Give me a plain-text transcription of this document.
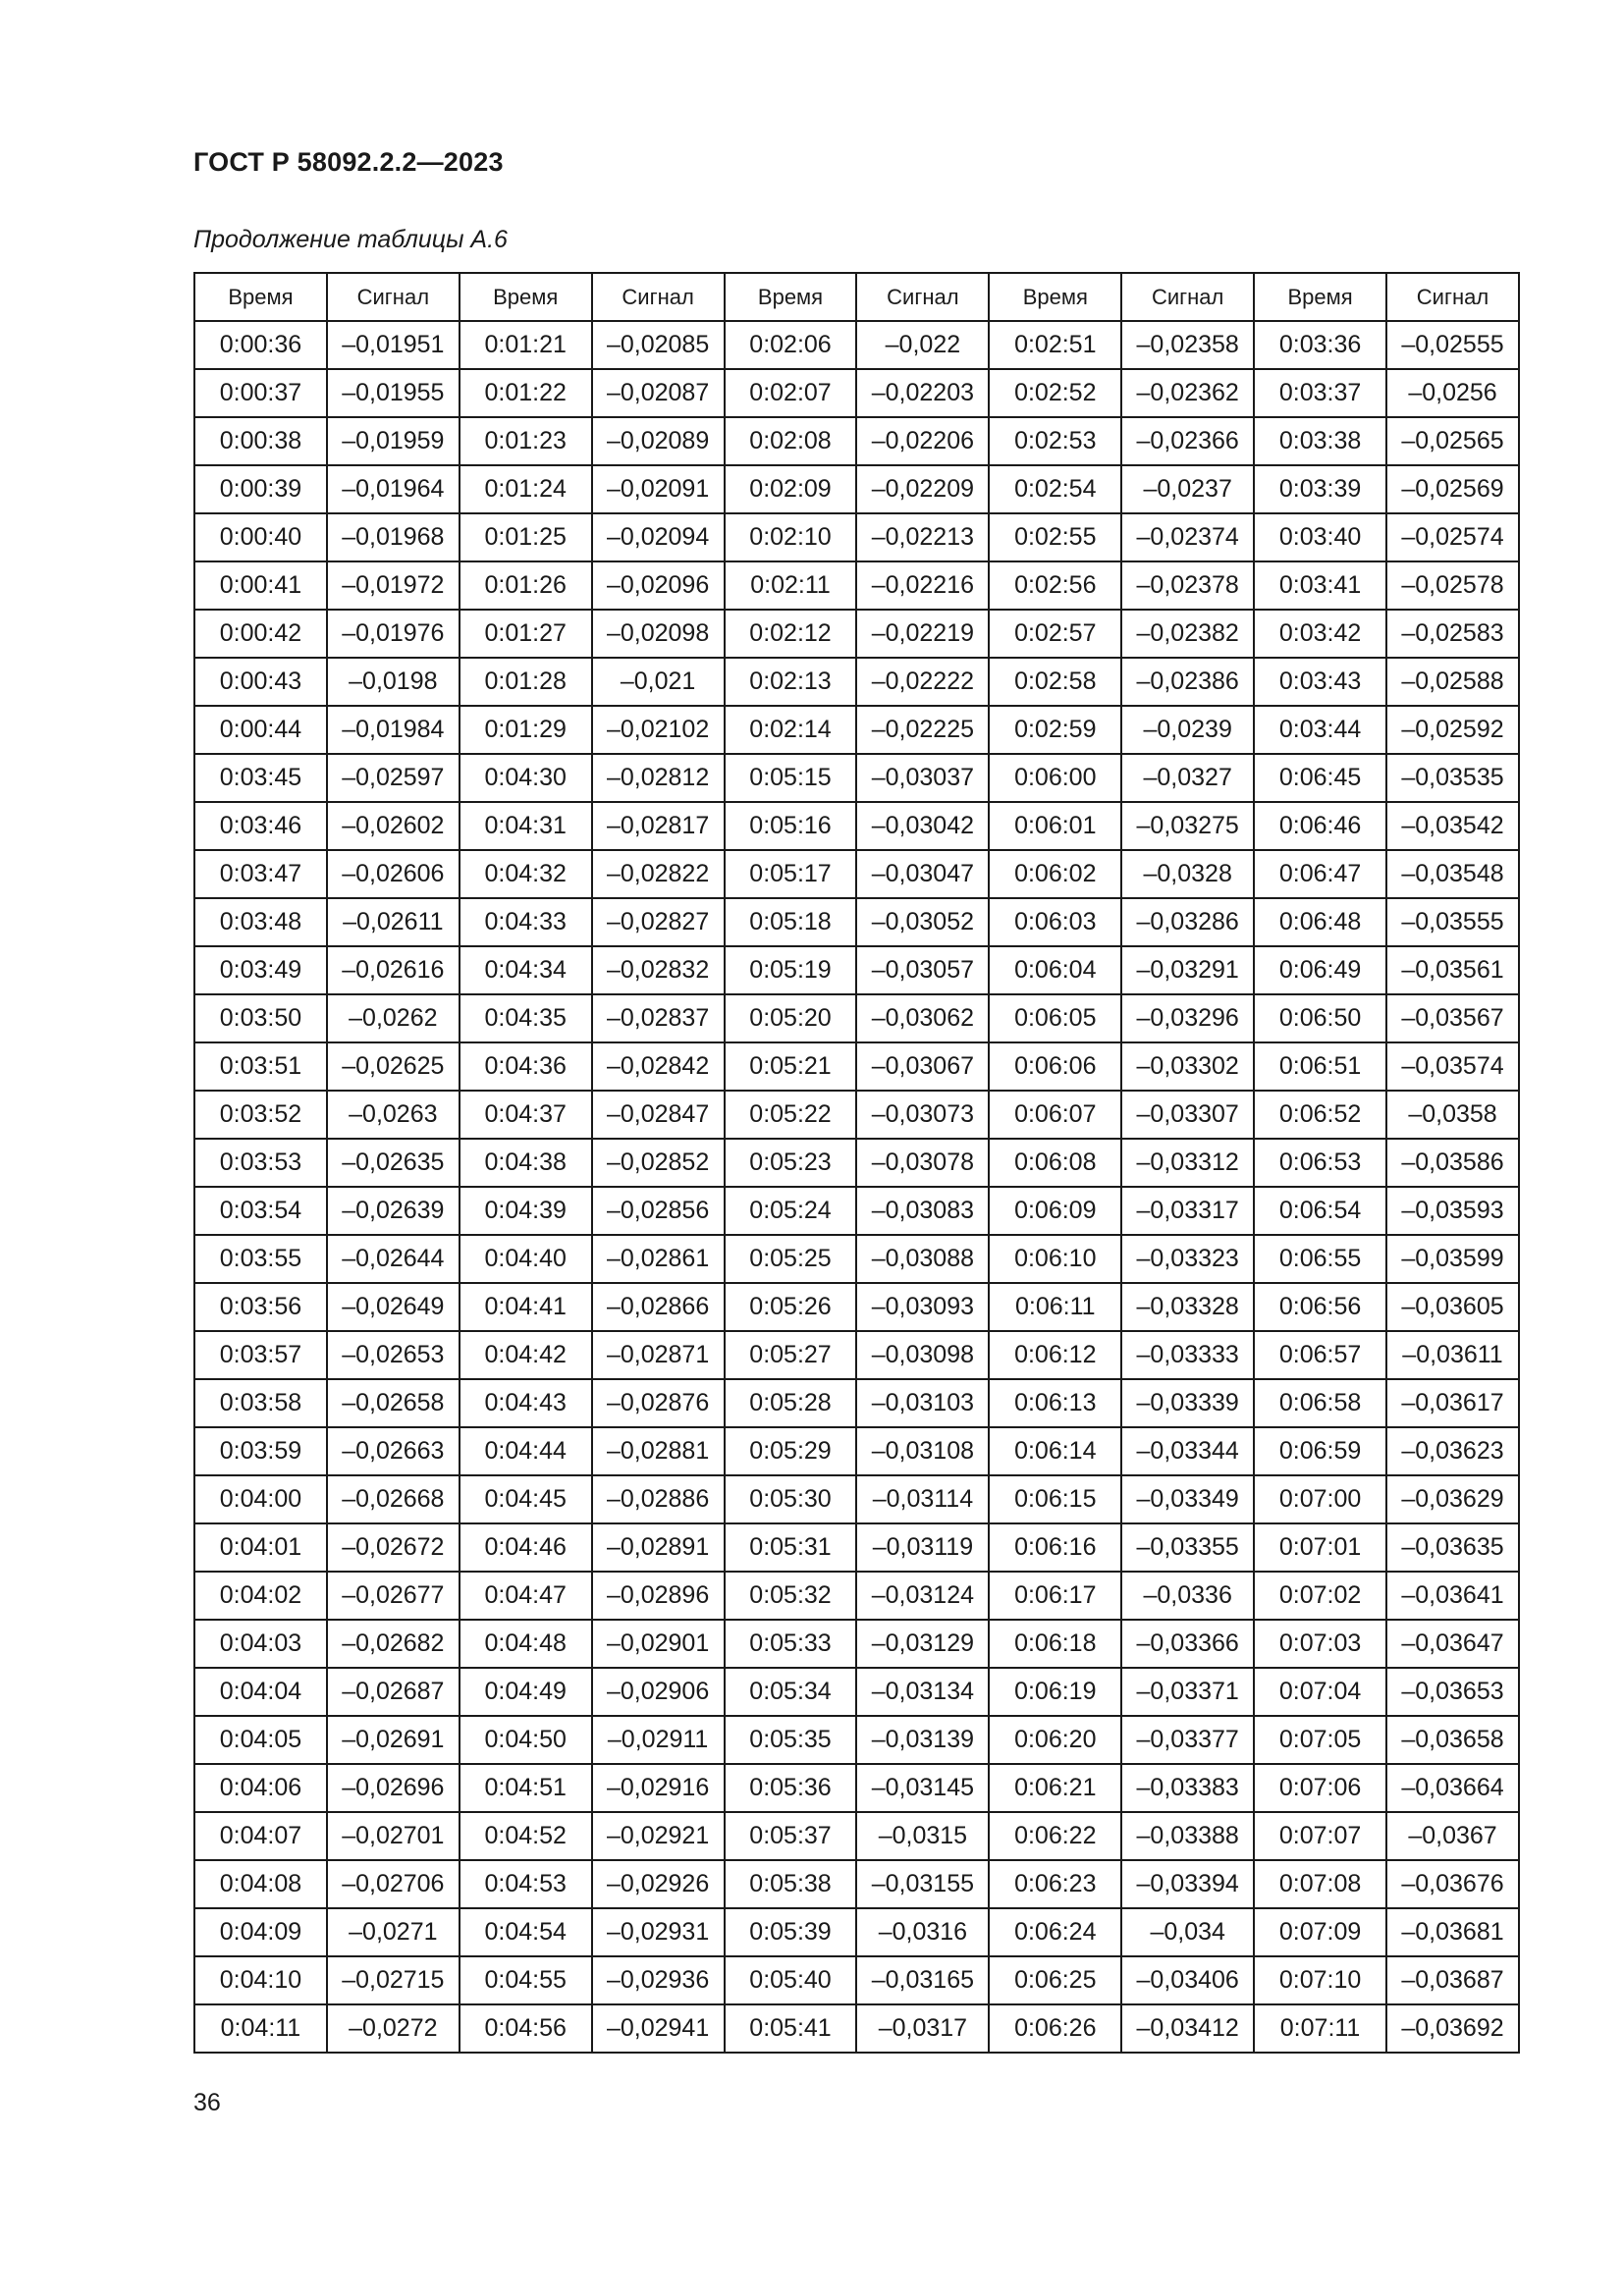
ГОСТ Р 58092.2.2—2023
Продолжение таблицы А.6
Время	Сигнал	Время	Сигнал	Время	Сигнал	Время	Сигнал	Время	Сигнал
0:00:36	–0,01951	0:01:21	–0,02085	0:02:06	–0,022	0:02:51	–0,02358	0:03:36	–0,02555
0:00:37	–0,01955	0:01:22	–0,02087	0:02:07	–0,02203	0:02:52	–0,02362	0:03:37	–0,0256
0:00:38	–0,01959	0:01:23	–0,02089	0:02:08	–0,02206	0:02:53	–0,02366	0:03:38	–0,02565
0:00:39	–0,01964	0:01:24	–0,02091	0:02:09	–0,02209	0:02:54	–0,0237	0:03:39	–0,02569
0:00:40	–0,01968	0:01:25	–0,02094	0:02:10	–0,02213	0:02:55	–0,02374	0:03:40	–0,02574
0:00:41	–0,01972	0:01:26	–0,02096	0:02:11	–0,02216	0:02:56	–0,02378	0:03:41	–0,02578
0:00:42	–0,01976	0:01:27	–0,02098	0:02:12	–0,02219	0:02:57	–0,02382	0:03:42	–0,02583
0:00:43	–0,0198	0:01:28	–0,021	0:02:13	–0,02222	0:02:58	–0,02386	0:03:43	–0,02588
0:00:44	–0,01984	0:01:29	–0,02102	0:02:14	–0,02225	0:02:59	–0,0239	0:03:44	–0,02592
0:03:45	–0,02597	0:04:30	–0,02812	0:05:15	–0,03037	0:06:00	–0,0327	0:06:45	–0,03535
0:03:46	–0,02602	0:04:31	–0,02817	0:05:16	–0,03042	0:06:01	–0,03275	0:06:46	–0,03542
0:03:47	–0,02606	0:04:32	–0,02822	0:05:17	–0,03047	0:06:02	–0,0328	0:06:47	–0,03548
0:03:48	–0,02611	0:04:33	–0,02827	0:05:18	–0,03052	0:06:03	–0,03286	0:06:48	–0,03555
0:03:49	–0,02616	0:04:34	–0,02832	0:05:19	–0,03057	0:06:04	–0,03291	0:06:49	–0,03561
0:03:50	–0,0262	0:04:35	–0,02837	0:05:20	–0,03062	0:06:05	–0,03296	0:06:50	–0,03567
0:03:51	–0,02625	0:04:36	–0,02842	0:05:21	–0,03067	0:06:06	–0,03302	0:06:51	–0,03574
0:03:52	–0,0263	0:04:37	–0,02847	0:05:22	–0,03073	0:06:07	–0,03307	0:06:52	–0,0358
0:03:53	–0,02635	0:04:38	–0,02852	0:05:23	–0,03078	0:06:08	–0,03312	0:06:53	–0,03586
0:03:54	–0,02639	0:04:39	–0,02856	0:05:24	–0,03083	0:06:09	–0,03317	0:06:54	–0,03593
0:03:55	–0,02644	0:04:40	–0,02861	0:05:25	–0,03088	0:06:10	–0,03323	0:06:55	–0,03599
0:03:56	–0,02649	0:04:41	–0,02866	0:05:26	–0,03093	0:06:11	–0,03328	0:06:56	–0,03605
0:03:57	–0,02653	0:04:42	–0,02871	0:05:27	–0,03098	0:06:12	–0,03333	0:06:57	–0,03611
0:03:58	–0,02658	0:04:43	–0,02876	0:05:28	–0,03103	0:06:13	–0,03339	0:06:58	–0,03617
0:03:59	–0,02663	0:04:44	–0,02881	0:05:29	–0,03108	0:06:14	–0,03344	0:06:59	–0,03623
0:04:00	–0,02668	0:04:45	–0,02886	0:05:30	–0,03114	0:06:15	–0,03349	0:07:00	–0,03629
0:04:01	–0,02672	0:04:46	–0,02891	0:05:31	–0,03119	0:06:16	–0,03355	0:07:01	–0,03635
0:04:02	–0,02677	0:04:47	–0,02896	0:05:32	–0,03124	0:06:17	–0,0336	0:07:02	–0,03641
0:04:03	–0,02682	0:04:48	–0,02901	0:05:33	–0,03129	0:06:18	–0,03366	0:07:03	–0,03647
0:04:04	–0,02687	0:04:49	–0,02906	0:05:34	–0,03134	0:06:19	–0,03371	0:07:04	–0,03653
0:04:05	–0,02691	0:04:50	–0,02911	0:05:35	–0,03139	0:06:20	–0,03377	0:07:05	–0,03658
0:04:06	–0,02696	0:04:51	–0,02916	0:05:36	–0,03145	0:06:21	–0,03383	0:07:06	–0,03664
0:04:07	–0,02701	0:04:52	–0,02921	0:05:37	–0,0315	0:06:22	–0,03388	0:07:07	–0,0367
0:04:08	–0,02706	0:04:53	–0,02926	0:05:38	–0,03155	0:06:23	–0,03394	0:07:08	–0,03676
0:04:09	–0,0271	0:04:54	–0,02931	0:05:39	–0,0316	0:06:24	–0,034	0:07:09	–0,03681
0:04:10	–0,02715	0:04:55	–0,02936	0:05:40	–0,03165	0:06:25	–0,03406	0:07:10	–0,03687
0:04:11	–0,0272	0:04:56	–0,02941	0:05:41	–0,0317	0:06:26	–0,03412	0:07:11	–0,03692
36
